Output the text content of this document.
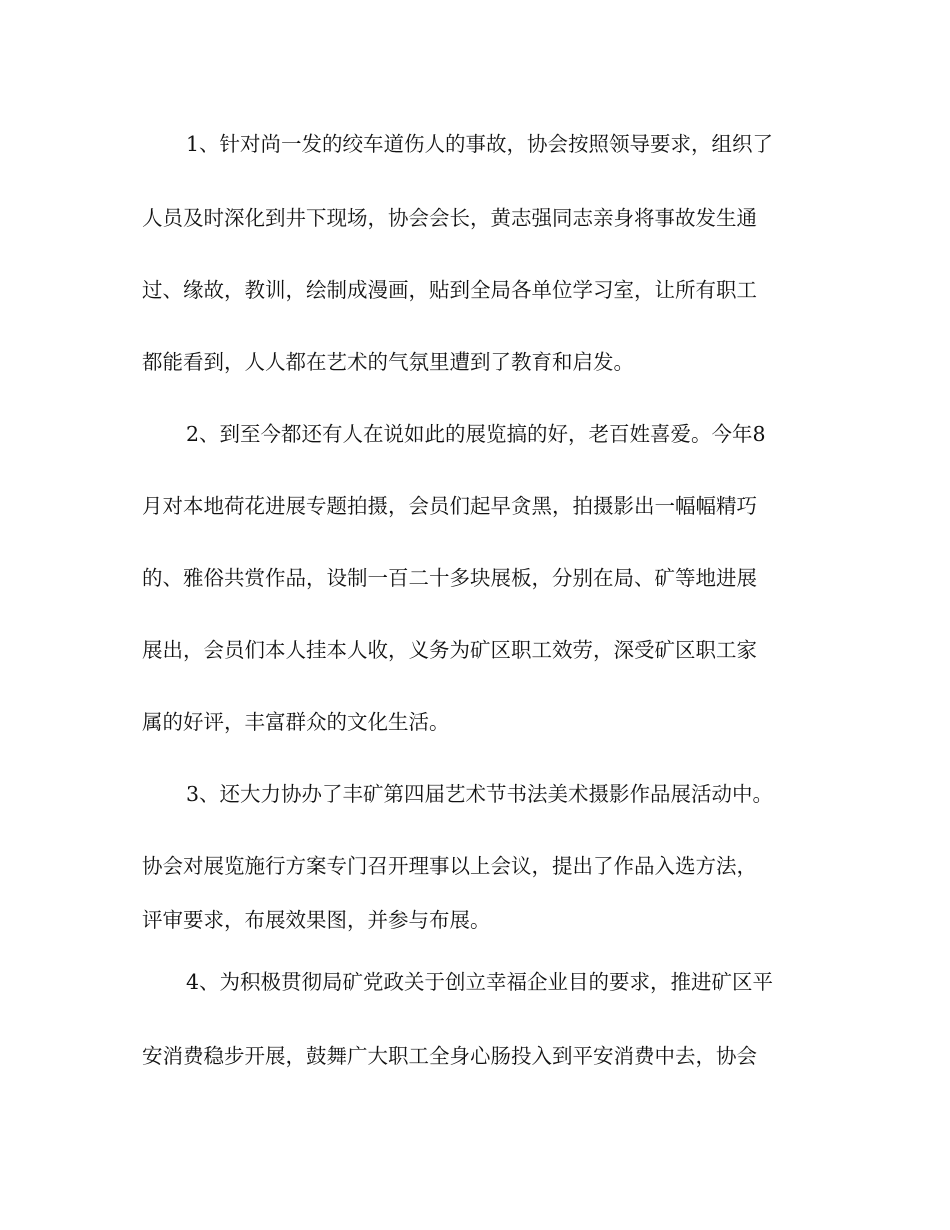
1、针对尚一发的绞车道伤人的事故，协会按照领导要求，组织了
人员及时深化到井下现场，协会会长，黄志强同志亲身将事故发生通
过、缘故，教训，绘制成漫画，贴到全局各单位学习室，让所有职工
都能看到，人人都在艺术的气氛里遭到了教育和启发。
2、到至今都还有人在说如此的展览搞的好，老百姓喜爱。今年8
月对本地荷花进展专题拍摄，会员们起早贪黑，拍摄影出一幅幅精巧
的、雅俗共赏作品，设制一百二十多块展板，分别在局、矿等地进展
展出，会员们本人挂本人收，义务为矿区职工效劳，深受矿区职工家
属的好评，丰富群众的文化生活。
3、还大力协办了丰矿第四届艺术节书法美术摄影作品展活动中。
协会对展览施行方案专门召开理事以上会议，提出了作品入选方法，
评审要求，布展效果图，并参与布展。
4、为积极贯彻局矿党政关于创立幸福企业目的要求，推进矿区平
安消费稳步开展，鼓舞广大职工全身心肠投入到平安消费中去，协会
